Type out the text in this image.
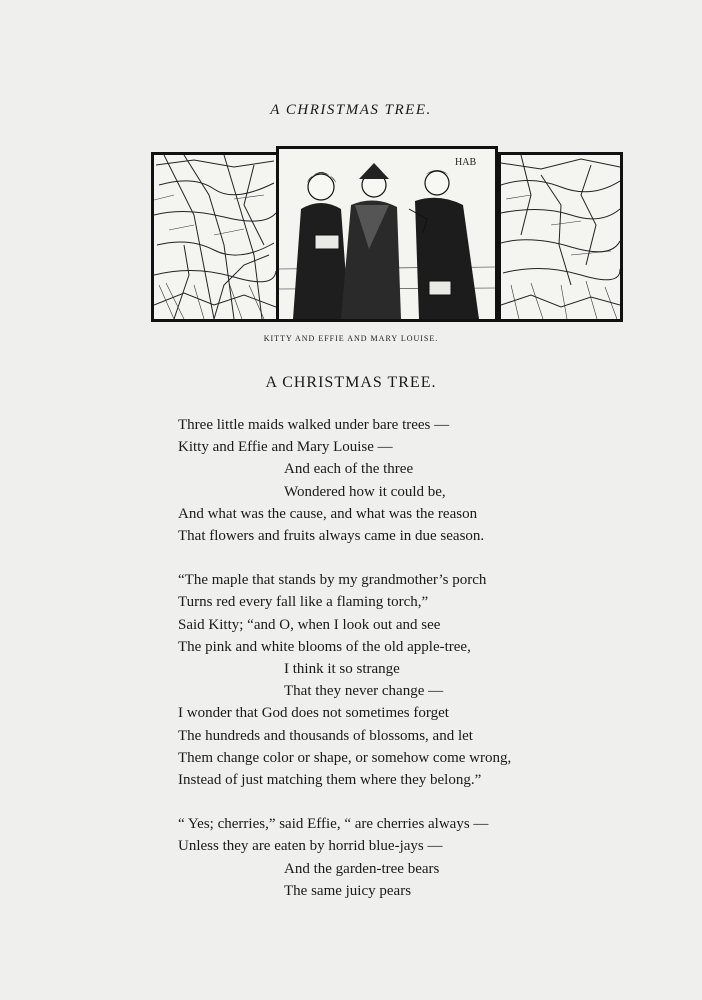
A CHRISTMAS TREE.
HAB
KITTY AND EFFIE AND MARY LOUISE.
A CHRISTMAS TREE.
Three little maids walked under bare trees —
Kitty and Effie and Mary Louise —
And each of the three
Wondered how it could be,
And what was the cause, and what was the reason
That flowers and fruits always came in due season.
“The maple that stands by my grandmother’s porch
Turns red every fall like a flaming torch,”
Said Kitty; “and O, when I look out and see
The pink and white blooms of the old apple-tree,
I think it so strange
That they never change —
I wonder that God does not sometimes forget
The hundreds and thousands of blossoms, and let
Them change color or shape, or somehow come wrong,
Instead of just matching them where they belong.”
“ Yes; cherries,” said Effie, “ are cherries always —
Unless they are eaten by horrid blue-jays —
And the garden-tree bears
The same juicy pears
